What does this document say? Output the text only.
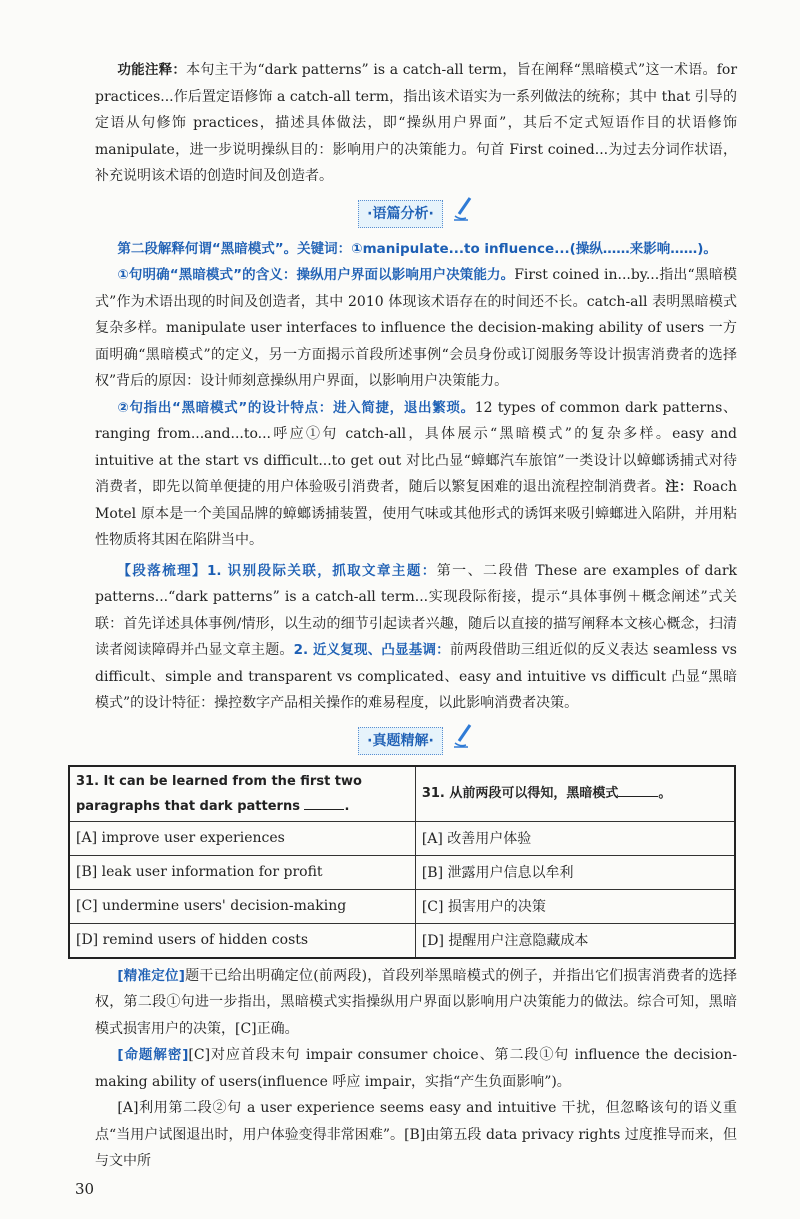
功能注释：本句主干为“dark patterns” is a catch-all term，旨在阐释“黑暗模式”这一术语。for practices...作后置定语修饰 a catch-all term，指出该术语实为一系列做法的统称；其中 that 引导的定语从句修饰 practices，描述具体做法，即“操纵用户界面”，其后不定式短语作目的状语修饰 manipulate，进一步说明操纵目的：影响用户的决策能力。句首 First coined...为过去分词作状语，补充说明该术语的创造时间及创造者。

·语篇分析·

第二段解释何谓“黑暗模式”。关键词：①manipulate...to influence...(操纵……来影响……)。

①句明确“黑暗模式”的含义：操纵用户界面以影响用户决策能力。First coined in...by...指出“黑暗模式”作为术语出现的时间及创造者，其中 2010 体现该术语存在的时间还不长。catch-all 表明黑暗模式复杂多样。manipulate user interfaces to influence the decision-making ability of users 一方面明确“黑暗模式”的定义，另一方面揭示首段所述事例“会员身份或订阅服务等设计损害消费者的选择权”背后的原因：设计师刻意操纵用户界面，以影响用户决策能力。

②句指出“黑暗模式”的设计特点：进入简捷，退出繁琐。12 types of common dark patterns、ranging from...and...to...呼应①句 catch-all，具体展示“黑暗模式”的复杂多样。easy and intuitive at the start vs difficult...to get out 对比凸显“蟑螂汽车旅馆”一类设计以蟑螂诱捕式对待消费者，即先以简单便捷的用户体验吸引消费者，随后以繁复困难的退出流程控制消费者。注：Roach Motel 原本是一个美国品牌的蟑螂诱捕装置，使用气味或其他形式的诱饵来吸引蟑螂进入陷阱，并用粘性物质将其困在陷阱当中。

【段落梳理】1. 识别段际关联，抓取文章主题：第一、二段借 These are examples of dark patterns...“dark patterns” is a catch-all term...实现段际衔接，提示“具体事例＋概念阐述”式关联：首先详述具体事例/情形，以生动的细节引起读者兴趣，随后以直接的描写阐释本文核心概念，扫清读者阅读障碍并凸显文章主题。2. 近义复现、凸显基调：前两段借助三组近似的反义表达 seamless vs difficult、simple and transparent vs complicated、easy and intuitive vs difficult 凸显“黑暗模式”的设计特征：操控数字产品相关操作的难易程度，以此影响消费者决策。

·真题精解·
31. It can be learned from the first two paragraphs that dark patterns .	31. 从前两段可以得知，黑暗模式 。
[A] improve user experiences	[A] 改善用户体验
[B] leak user information for profit	[B] 泄露用户信息以牟利
[C] undermine users' decision-making	[C] 损害用户的决策
[D] remind users of hidden costs	[D] 提醒用户注意隐藏成本

[精准定位]题干已给出明确定位(前两段)，首段列举黑暗模式的例子，并指出它们损害消费者的选择权，第二段①句进一步指出，黑暗模式实指操纵用户界面以影响用户决策能力的做法。综合可知，黑暗模式损害用户的决策，[C]正确。

[命题解密][C]对应首段末句 impair consumer choice、第二段①句 influence the decision-making ability of users(influence 呼应 impair，实指“产生负面影响”)。

[A]利用第二段②句 a user experience seems easy and intuitive 干扰，但忽略该句的语义重点“当用户试图退出时，用户体验变得非常困难”。[B]由第五段 data privacy rights 过度推导而来，但与文中所

30
